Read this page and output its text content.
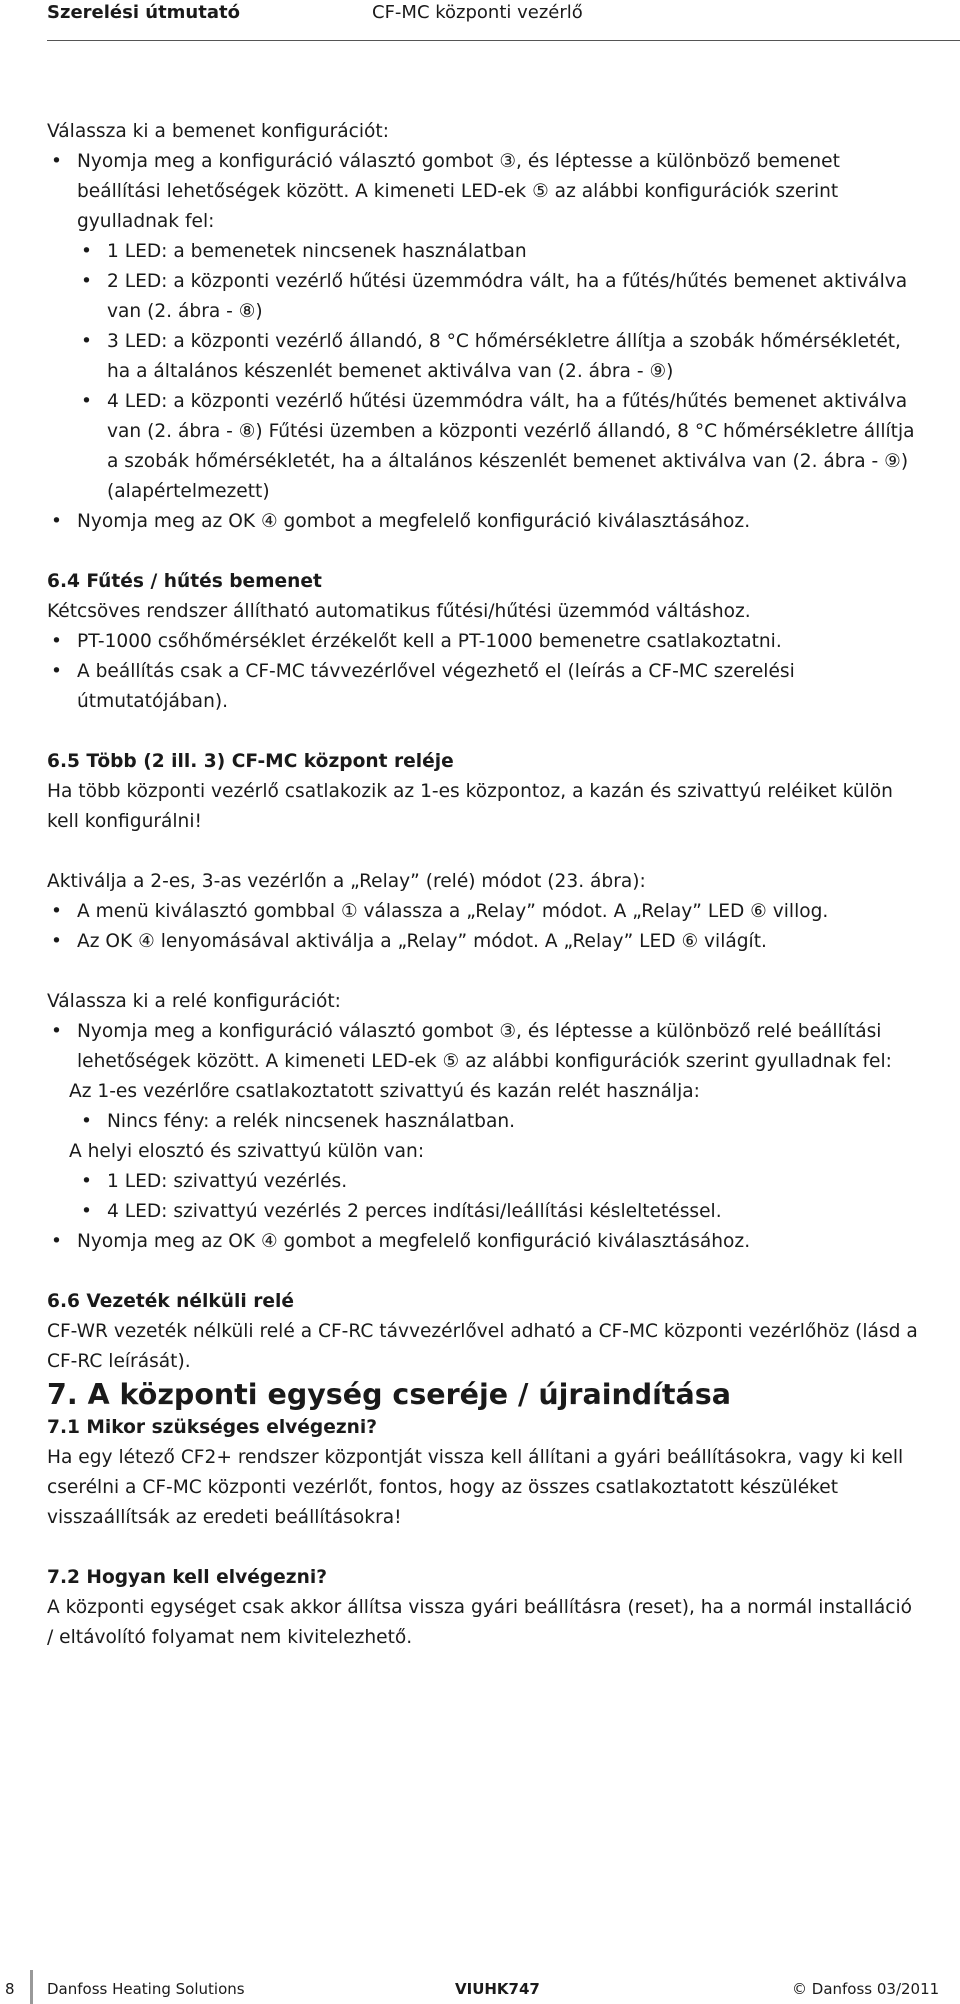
Szerelési útmutató	CF-MC központi vezérlő

Válassza ki a bemenet konfigurációt:

• Nyomja meg a konfiguráció választó gombot ③, és léptesse a különböző bemenet beállítási lehetőségek között. A kimeneti LED-ek ⑤ az alábbi konfigurációk szerint gyulladnak fel:
• 1 LED: a bemenetek nincsenek használatban
• 2 LED: a központi vezérlő hűtési üzemmódra vált, ha a fűtés/hűtés bemenet aktiválva van (2. ábra - ⑧)
• 3 LED: a központi vezérlő állandó, 8 °C hőmérsékletre állítja a szobák hőmérsékletét, ha a általános készenlét bemenet aktiválva van (2. ábra - ⑨)
• 4 LED: a központi vezérlő hűtési üzemmódra vált, ha a fűtés/hűtés bemenet aktiválva van (2. ábra - ⑧) Fűtési üzemben a központi vezérlő állandó, 8 °C hőmérsékletre állítja a szobák hőmérsékletét, ha a általános készenlét bemenet aktiválva van (2. ábra - ⑨) (alapértelmezett)
• Nyomja meg az OK ④ gombot a megfelelő konfiguráció kiválasztásához.

6.4 Fűtés / hűtés bemenet

Kétcsöves rendszer állítható automatikus fűtési/hűtési üzemmód váltáshoz.

• PT-1000 csőhőmérséklet érzékelőt kell a PT-1000 bemenetre csatlakoztatni.
• A beállítás csak a CF-MC távvezérlővel végezhető el (leírás a CF-MC szerelési útmutatójában).

6.5 Több (2 ill. 3) CF-MC központ reléje

Ha több központi vezérlő csatlakozik az 1-es központoz, a kazán és szivattyú reléiket külön kell konfigurálni!

Aktiválja a 2-es, 3-as vezérlőn a „Relay” (relé) módot (23. ábra):

• A menü kiválasztó gombbal ① válassza a „Relay” módot. A „Relay” LED ⑥ villog.
• Az OK ④ lenyomásával aktiválja a „Relay” módot. A „Relay” LED ⑥ világít.

Válassza ki a relé konfigurációt:

• Nyomja meg a konfiguráció választó gombot ③, és léptesse a különböző relé beállítási lehetőségek között. A kimeneti LED-ek ⑤ az alábbi konfigurációk szerint gyulladnak fel:

Az 1-es vezérlőre csatlakoztatott szivattyú és kazán relét használja:

• Nincs fény: a relék nincsenek használatban.

A helyi elosztó és szivattyú külön van:

• 1 LED: szivattyú vezérlés.
• 4 LED: szivattyú vezérlés 2 perces indítási/leállítási késleltetéssel.
• Nyomja meg az OK ④ gombot a megfelelő konfiguráció kiválasztásához.

6.6 Vezeték nélküli relé

CF-WR vezeték nélküli relé a CF-RC távvezérlővel adható a CF-MC központi vezérlőhöz (lásd a CF-RC leírását).

7. A központi egység cseréje / újraindítása

7.1 Mikor szükséges elvégezni?

Ha egy létező CF2+ rendszer központját vissza kell állítani a gyári beállításokra, vagy ki kell cserélni a CF-MC központi vezérlőt, fontos, hogy az összes csatlakoztatott készüléket visszaállítsák az eredeti beállításokra!

7.2 Hogyan kell elvégezni?

A központi egységet csak akkor állítsa vissza gyári beállításra (reset), ha a normál installáció / eltávolító folyamat nem kivitelezhető.

8 Danfoss Heating Solutions	VIUHK747	© Danfoss 03/2011
